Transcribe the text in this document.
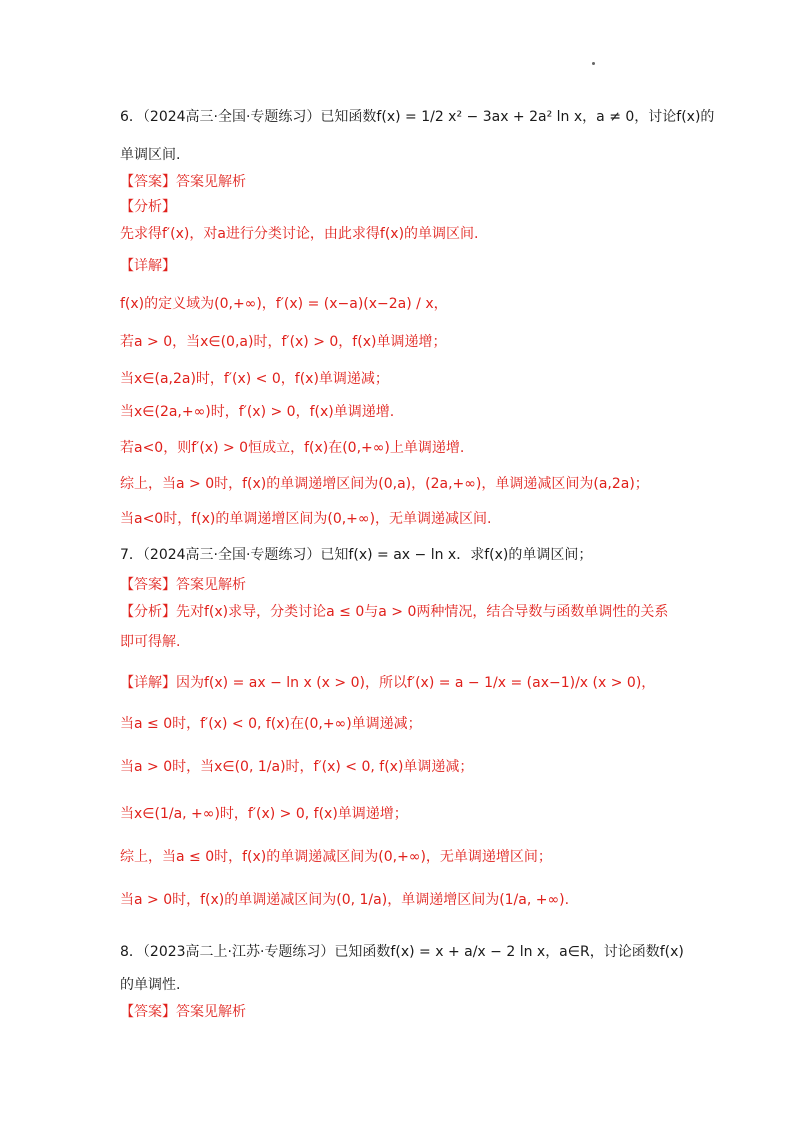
6．（2024高三·全国·专题练习）已知函数f(x) = 1/2 x² − 3ax + 2a² ln x，a ≠ 0，讨论f(x)的
单调区间.
【答案】答案见解析
【分析】
先求得f′(x)，对a进行分类讨论，由此求得f(x)的单调区间.
【详解】
f(x)的定义域为(0,+∞)，f′(x) = (x−a)(x−2a) / x，
若a > 0，当x∈(0,a)时，f′(x) > 0，f(x)单调递增；
当x∈(a,2a)时，f′(x) < 0，f(x)单调递减；
当x∈(2a,+∞)时，f′(x) > 0，f(x)单调递增.
若a<0，则f′(x) > 0恒成立，f(x)在(0,+∞)上单调递增.
综上，当a > 0时，f(x)的单调递增区间为(0,a)，(2a,+∞)，单调递减区间为(a,2a)；
当a<0时，f(x)的单调递增区间为(0,+∞)，无单调递减区间.
7．（2024高三·全国·专题练习）已知f(x) = ax − ln x．求f(x)的单调区间；
【答案】答案见解析
【分析】先对f(x)求导，分类讨论a ≤ 0与a > 0两种情况，结合导数与函数单调性的关系
即可得解.
【详解】因为f(x) = ax − ln x (x > 0)，所以f′(x) = a − 1/x = (ax−1)/x (x > 0)，
当a ≤ 0时，f′(x) < 0, f(x)在(0,+∞)单调递减；
当a > 0时，当x∈(0, 1/a)时，f′(x) < 0, f(x)单调递减；
当x∈(1/a, +∞)时，f′(x) > 0, f(x)单调递增；
综上，当a ≤ 0时，f(x)的单调递减区间为(0,+∞)，无单调递增区间；
当a > 0时，f(x)的单调递减区间为(0, 1/a)，单调递增区间为(1/a, +∞).
8．（2023高二上·江苏·专题练习）已知函数f(x) = x + a/x − 2 ln x，a∈R，讨论函数f(x)
的单调性.
【答案】答案见解析
